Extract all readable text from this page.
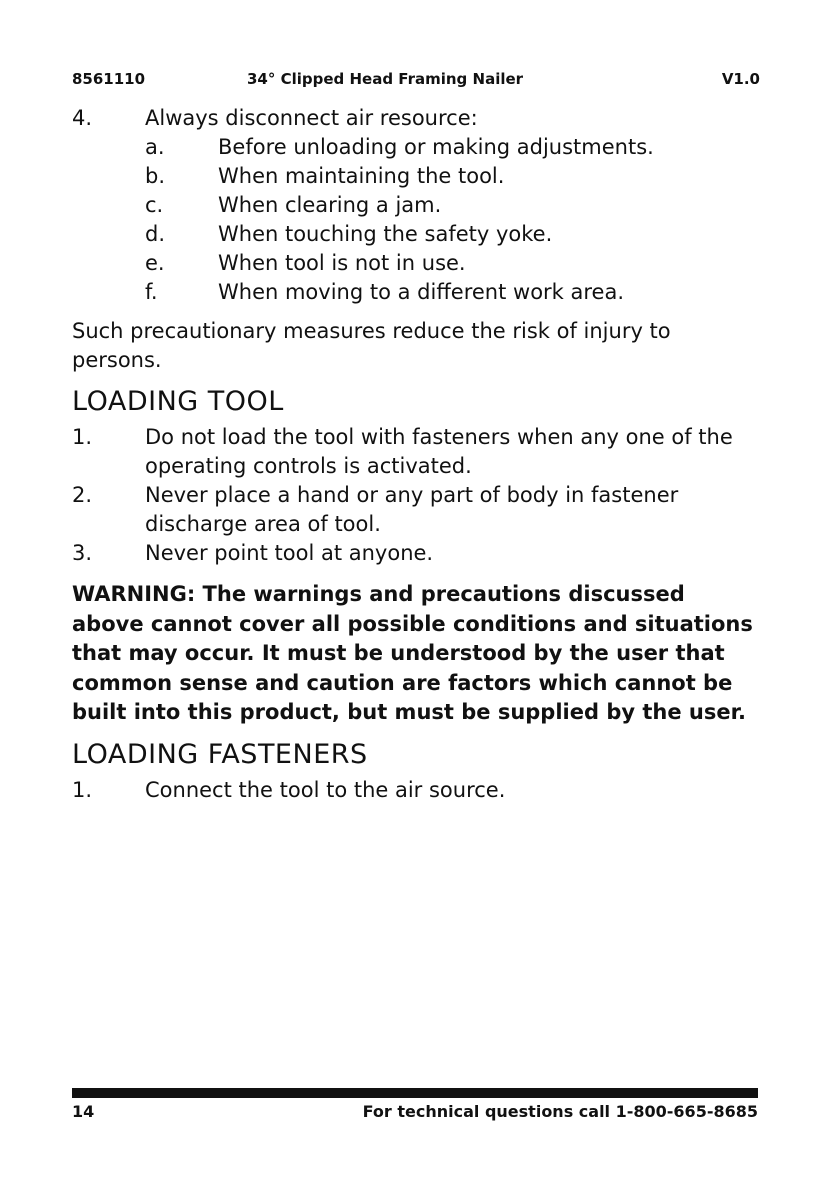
8561110	34° Clipped Head Framing Nailer	V1.0
4.	Always disconnect air resource:
a.	Before unloading or making adjustments.
b.	When maintaining the tool.
c.	When clearing a jam.
d.	When touching the safety yoke.
e.	When tool is not in use.
f.	When moving to a different work area.
Such precautionary measures reduce the risk of injury to persons.
LOADING TOOL
1.	Do not load the tool with fasteners when any one of the operating controls is activated.
2.	Never place a hand or any part of body in fastener discharge area of tool.
3.	Never point tool at anyone.
WARNING: The warnings and precautions discussed above cannot cover all possible conditions and situations that may occur. It must be understood by the user that common sense and caution are factors which cannot be built into this product, but must be supplied by the user.
LOADING FASTENERS
1.	Connect the tool to the air source.
14	For technical questions call 1-800-665-8685
